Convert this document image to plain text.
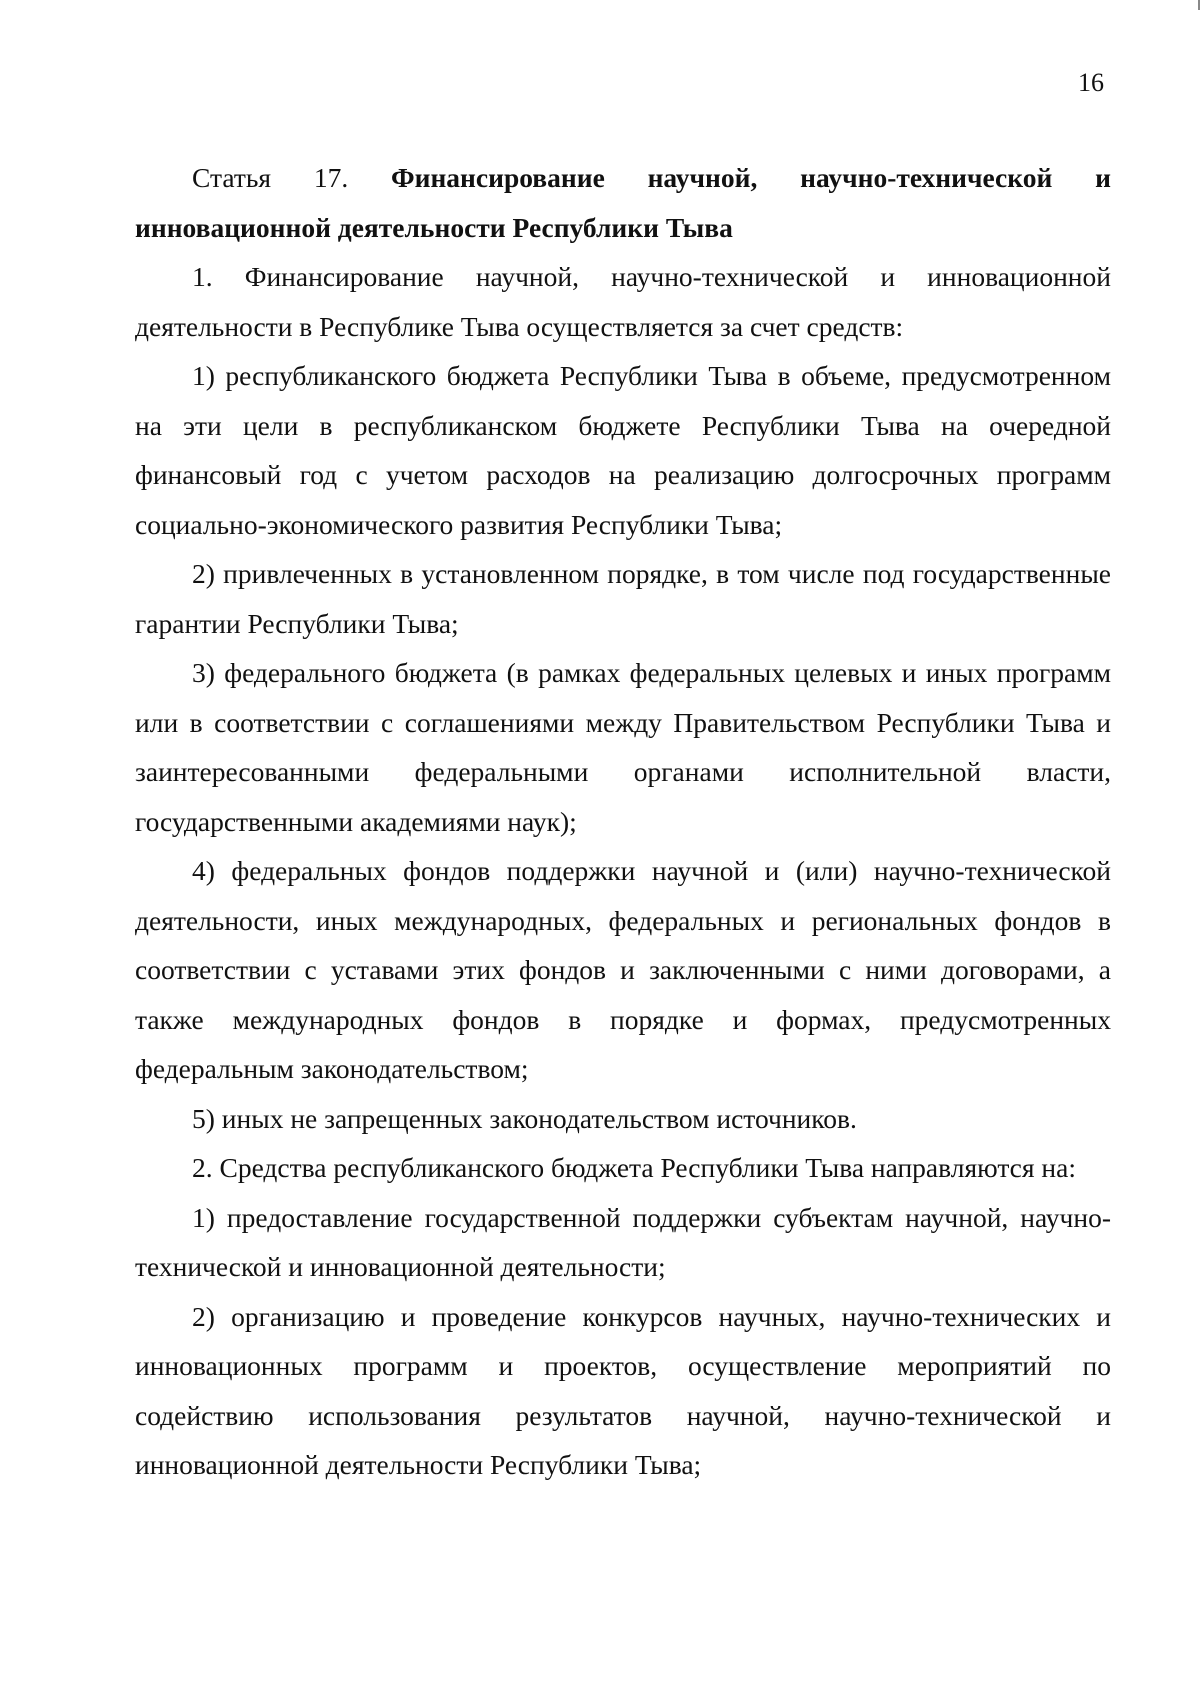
16
Статья 17. Финансирование научной, научно-технической и
инновационной деятельности Республики Тыва

1. Финансирование научной, научно-технической и инновационной деятельности в Республике Тыва осуществляется за счет средств:

1) республиканского бюджета Республики Тыва в объеме, предусмотренном на эти цели в республиканском бюджете Республики Тыва на очередной финансовый год с учетом расходов на реализацию долгосрочных программ социально-экономического развития Республики Тыва;

2) привлеченных в установленном порядке, в том числе под государственные гарантии Республики Тыва;

3) федерального бюджета (в рамках федеральных целевых и иных программ или в соответствии с соглашениями между Правительством Республики Тыва и заинтересованными федеральными органами исполнительной власти, государственными академиями наук);

4) федеральных фондов поддержки научной и (или) научно-технической деятельности, иных международных, федеральных и региональных фондов в соответствии с уставами этих фондов и заключенными с ними договорами, а также международных фондов в порядке и формах, предусмотренных федеральным законодательством;

5) иных не запрещенных законодательством источников.

2. Средства республиканского бюджета Республики Тыва направляются на:

1) предоставление государственной поддержки субъектам научной, научно-технической и инновационной деятельности;

2) организацию и проведение конкурсов научных, научно-технических и инновационных программ и проектов, осуществление мероприятий по содействию использования результатов научной, научно-технической и инновационной деятельности Республики Тыва;
